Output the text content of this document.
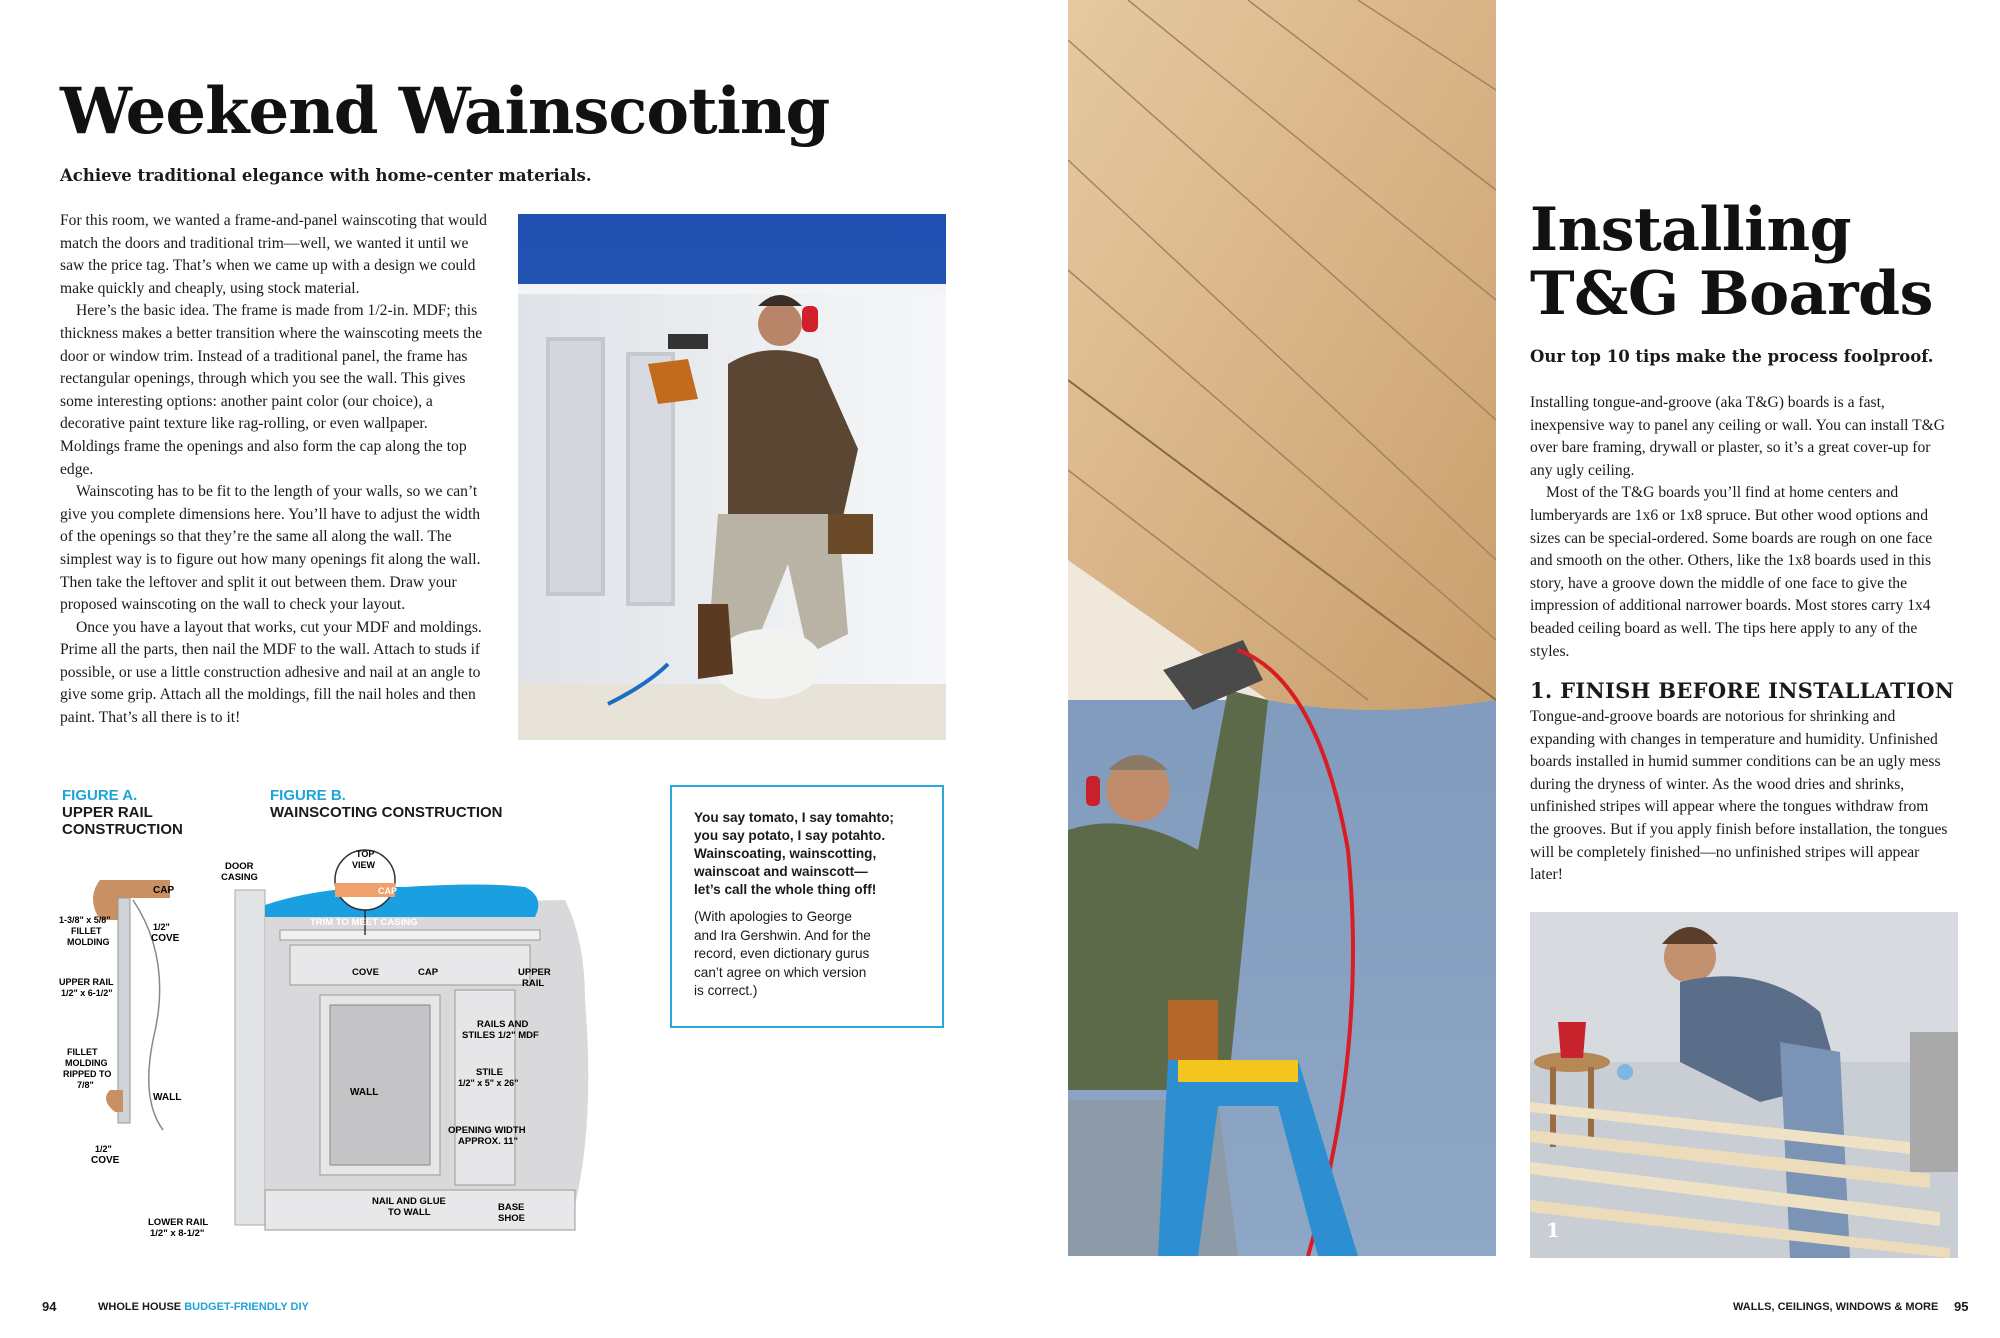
Weekend Wainscoting
Achieve traditional elegance with home-center materials.

For this room, we wanted a frame-and-panel wainscoting that would match the doors and traditional trim—well, we wanted it until we saw the price tag. That’s when we came up with a design we could make quickly and cheaply, using stock material.

Here’s the basic idea. The frame is made from 1/2-in. MDF; this thickness makes a better transition where the wainscoting meets the door or window trim. Instead of a traditional panel, the frame has rectangular openings, through which you see the wall. This gives some interesting options: another paint color (our choice), a decorative paint texture like rag-rolling, or even wallpaper. Moldings frame the openings and also form the cap along the top edge.

Wainscoting has to be fit to the length of your walls, so we can’t give you complete dimensions here. You’ll have to adjust the width of the openings so that they’re the same all along the wall. The simplest way is to figure out how many openings fit along the wall. Then take the leftover and split it out between them. Draw your proposed wainscoting on the wall to check your layout.

Once you have a layout that works, cut your MDF and moldings. Prime all the parts, then nail the MDF to the wall. Attach to studs if possible, or use a little construction adhesive and nail at an angle to give some grip. Attach all the moldings, fill the nail holes and then paint. That’s all there is to it!

FIGURE A.
UPPER RAIL
CONSTRUCTION
CAP
1-3/8" x 5/8"
FILLET
MOLDING
1/2"
COVE
UPPER RAIL
1/2" x 6-1/2"
FILLET
MOLDING
RIPPED TO
7/8"
WALL
1/2"
COVE
FIGURE B.
WAINSCOTING CONSTRUCTION
DOOR
CASING
TOP
VIEW
CAP
TRIM TO MEET CASING
COVE	CAP	UPPER
RAIL
RAILS AND
STILES 1/2" MDF
STILE
1/2" x 5" x 26"
WALL
OPENING WIDTH
APPROX. 11"
NAIL AND GLUE
TO WALL	BASE
SHOE
LOWER RAIL
1/2" x 8-1/2"
You say tomato, I say tomahto;
you say potato, I say potahto.
Wainscoating, wainscotting,
wainscoat and wainscott—
let’s call the whole thing off!
(With apologies to George
and Ira Gershwin. And for the
record, even dictionary gurus
can’t agree on which version
is correct.)
94	WHOLE HOUSE BUDGET-FRIENDLY DIY
Installing
T&G Boards
Our top 10 tips make the process foolproof.

Installing tongue-and-groove (aka T&G) boards is a fast, inexpensive way to panel any ceiling or wall. You can install T&G over bare framing, drywall or plaster, so it’s a great cover-up for any ugly ceiling.

Most of the T&G boards you’ll find at home centers and lumberyards are 1x6 or 1x8 spruce. But other wood options and sizes can be special-ordered. Some boards are rough on one face and smooth on the other. Others, like the 1x8 boards used in this story, have a groove down the middle of one face to give the impression of additional narrower boards. Most stores carry 1x4 beaded ceiling board as well. The tips here apply to any of the styles.

1. FINISH BEFORE INSTALLATION

Tongue-and-groove boards are notorious for shrinking and expanding with changes in temperature and humidity. Unfinished boards installed in humid summer conditions can be an ugly mess during the dryness of winter. As the wood dries and shrinks, unfinished stripes will appear where the tongues withdraw from the grooves. But if you apply finish before installation, the tongues will be completely finished—no unfinished stripes will appear later!

1
WALLS, CEILINGS, WINDOWS & MORE 95
